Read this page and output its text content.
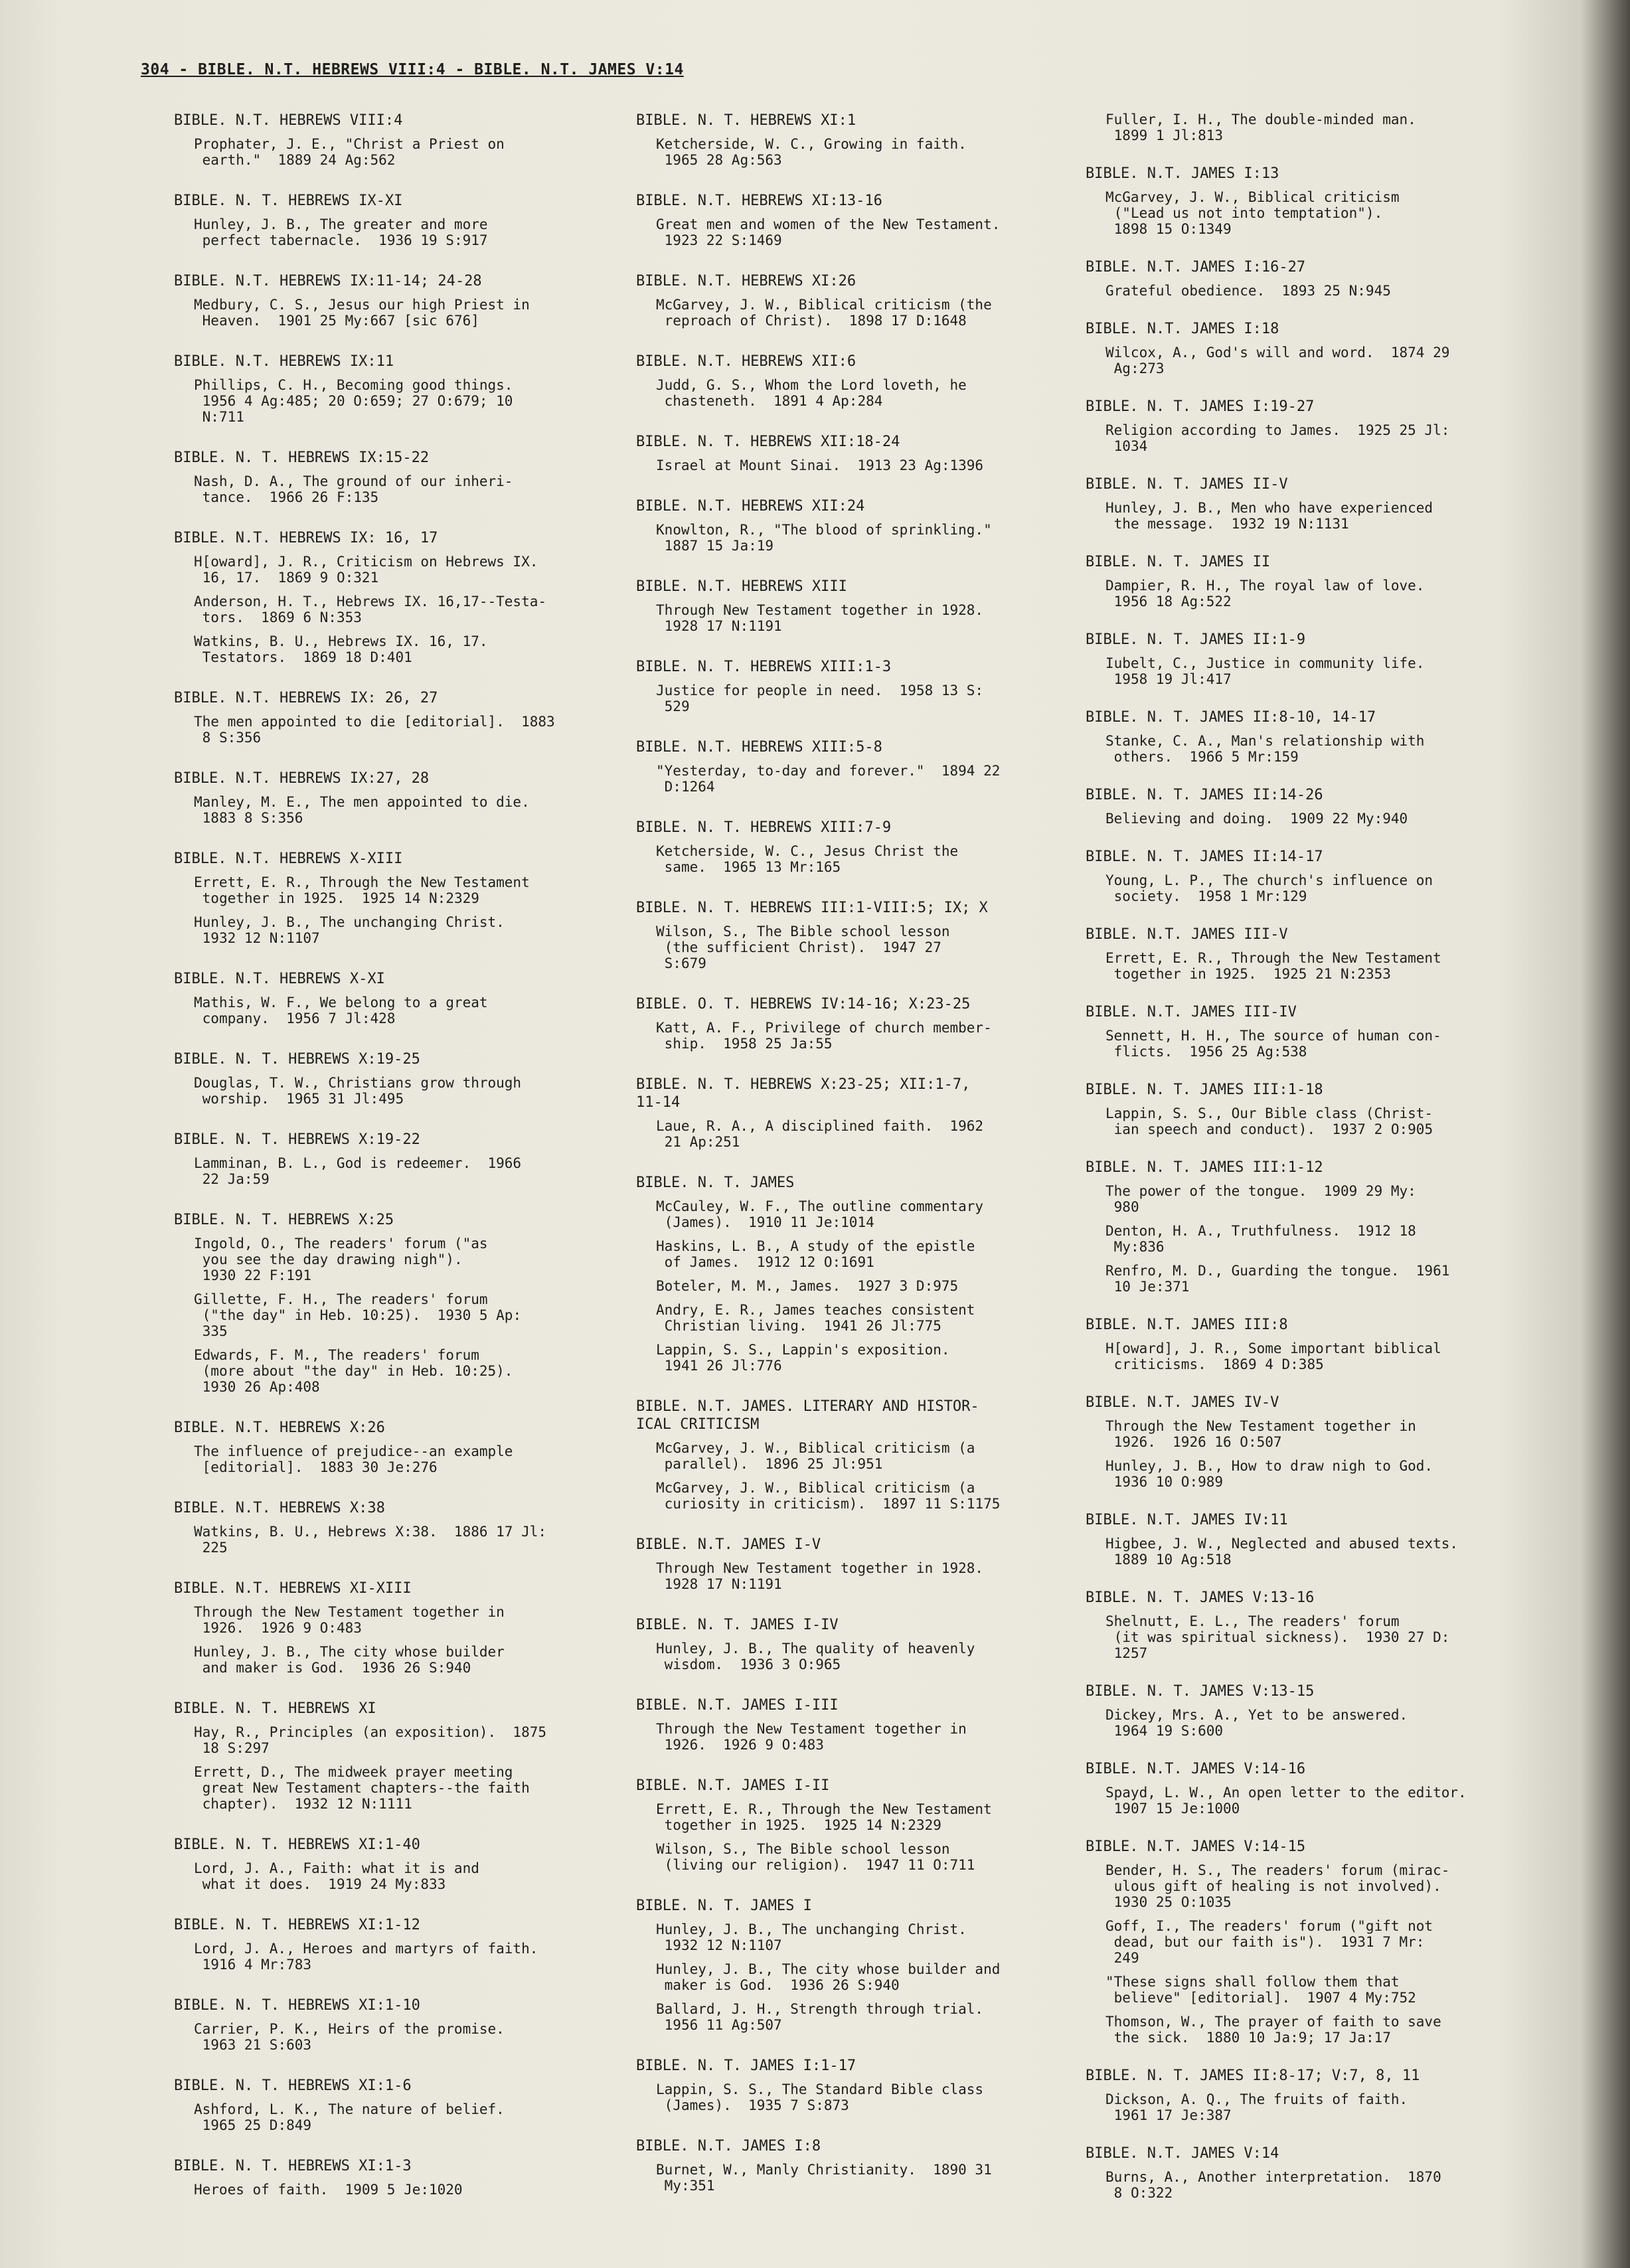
304 - BIBLE. N.T. HEBREWS VIII:4 - BIBLE. N.T. JAMES V:14
BIBLE. N.T. HEBREWS VIII:4
Prophater, J. E., "Christ a Priest on
earth."  1889 24 Ag:562
BIBLE. N. T. HEBREWS IX-XI
Hunley, J. B., The greater and more
perfect tabernacle.  1936 19 S:917
BIBLE. N.T. HEBREWS IX:11-14; 24-28
Medbury, C. S., Jesus our high Priest in
Heaven.  1901 25 My:667 [sic 676]
BIBLE. N.T. HEBREWS IX:11
Phillips, C. H., Becoming good things.
1956 4 Ag:485; 20 O:659; 27 O:679; 10
N:711
BIBLE. N. T. HEBREWS IX:15-22
Nash, D. A., The ground of our inheri-
tance.  1966 26 F:135
BIBLE. N.T. HEBREWS IX: 16, 17
H[oward], J. R., Criticism on Hebrews IX.
16, 17.  1869 9 O:321
Anderson, H. T., Hebrews IX. 16,17--Testa-
tors.  1869 6 N:353
Watkins, B. U., Hebrews IX. 16, 17.
Testators.  1869 18 D:401
BIBLE. N.T. HEBREWS IX: 26, 27
The men appointed to die [editorial].  1883
8 S:356
BIBLE. N.T. HEBREWS IX:27, 28
Manley, M. E., The men appointed to die.
1883 8 S:356
BIBLE. N.T. HEBREWS X-XIII
Errett, E. R., Through the New Testament
together in 1925.  1925 14 N:2329
Hunley, J. B., The unchanging Christ.
1932 12 N:1107
BIBLE. N.T. HEBREWS X-XI
Mathis, W. F., We belong to a great
company.  1956 7 Jl:428
BIBLE. N. T. HEBREWS X:19-25
Douglas, T. W., Christians grow through
worship.  1965 31 Jl:495
BIBLE. N. T. HEBREWS X:19-22
Lamminan, B. L., God is redeemer.  1966
22 Ja:59
BIBLE. N. T. HEBREWS X:25
Ingold, O., The readers' forum ("as
you see the day drawing nigh").
1930 22 F:191
Gillette, F. H., The readers' forum
("the day" in Heb. 10:25).  1930 5 Ap:
335
Edwards, F. M., The readers' forum
(more about "the day" in Heb. 10:25).
1930 26 Ap:408
BIBLE. N.T. HEBREWS X:26
The influence of prejudice--an example
[editorial].  1883 30 Je:276
BIBLE. N.T. HEBREWS X:38
Watkins, B. U., Hebrews X:38.  1886 17 Jl:
225
BIBLE. N.T. HEBREWS XI-XIII
Through the New Testament together in
1926.  1926 9 O:483
Hunley, J. B., The city whose builder
and maker is God.  1936 26 S:940
BIBLE. N. T. HEBREWS XI
Hay, R., Principles (an exposition).  1875
18 S:297
Errett, D., The midweek prayer meeting
great New Testament chapters--the faith
chapter).  1932 12 N:1111
BIBLE. N. T. HEBREWS XI:1-40
Lord, J. A., Faith: what it is and
what it does.  1919 24 My:833
BIBLE. N. T. HEBREWS XI:1-12
Lord, J. A., Heroes and martyrs of faith.
1916 4 Mr:783
BIBLE. N. T. HEBREWS XI:1-10
Carrier, P. K., Heirs of the promise.
1963 21 S:603
BIBLE. N. T. HEBREWS XI:1-6
Ashford, L. K., The nature of belief.
1965 25 D:849
BIBLE. N. T. HEBREWS XI:1-3
Heroes of faith.  1909 5 Je:1020
BIBLE. N. T. HEBREWS XI:1
Ketcherside, W. C., Growing in faith.
1965 28 Ag:563
BIBLE. N.T. HEBREWS XI:13-16
Great men and women of the New Testament.
1923 22 S:1469
BIBLE. N.T. HEBREWS XI:26
McGarvey, J. W., Biblical criticism (the
reproach of Christ).  1898 17 D:1648
BIBLE. N.T. HEBREWS XII:6
Judd, G. S., Whom the Lord loveth, he
chasteneth.  1891 4 Ap:284
BIBLE. N. T. HEBREWS XII:18-24
Israel at Mount Sinai.  1913 23 Ag:1396
BIBLE. N.T. HEBREWS XII:24
Knowlton, R., "The blood of sprinkling."
1887 15 Ja:19
BIBLE. N.T. HEBREWS XIII
Through New Testament together in 1928.
1928 17 N:1191
BIBLE. N. T. HEBREWS XIII:1-3
Justice for people in need.  1958 13 S:
529
BIBLE. N.T. HEBREWS XIII:5-8
"Yesterday, to-day and forever."  1894 22
D:1264
BIBLE. N. T. HEBREWS XIII:7-9
Ketcherside, W. C., Jesus Christ the
same.  1965 13 Mr:165
BIBLE. N. T. HEBREWS III:1-VIII:5; IX; X
Wilson, S., The Bible school lesson
(the sufficient Christ).  1947 27
S:679
BIBLE. O. T. HEBREWS IV:14-16; X:23-25
Katt, A. F., Privilege of church member-
ship.  1958 25 Ja:55
BIBLE. N. T. HEBREWS X:23-25; XII:1-7,
11-14
Laue, R. A., A disciplined faith.  1962
21 Ap:251
BIBLE. N. T. JAMES
McCauley, W. F., The outline commentary
(James).  1910 11 Je:1014
Haskins, L. B., A study of the epistle
of James.  1912 12 O:1691
Boteler, M. M., James.  1927 3 D:975
Andry, E. R., James teaches consistent
Christian living.  1941 26 Jl:775
Lappin, S. S., Lappin's exposition.
1941 26 Jl:776
BIBLE. N.T. JAMES. LITERARY AND HISTOR-
ICAL CRITICISM
McGarvey, J. W., Biblical criticism (a
parallel).  1896 25 Jl:951
McGarvey, J. W., Biblical criticism (a
curiosity in criticism).  1897 11 S:1175
BIBLE. N.T. JAMES I-V
Through New Testament together in 1928.
1928 17 N:1191
BIBLE. N. T. JAMES I-IV
Hunley, J. B., The quality of heavenly
wisdom.  1936 3 O:965
BIBLE. N.T. JAMES I-III
Through the New Testament together in
1926.  1926 9 O:483
BIBLE. N.T. JAMES I-II
Errett, E. R., Through the New Testament
together in 1925.  1925 14 N:2329
Wilson, S., The Bible school lesson
(living our religion).  1947 11 O:711
BIBLE. N. T. JAMES I
Hunley, J. B., The unchanging Christ.
1932 12 N:1107
Hunley, J. B., The city whose builder and
maker is God.  1936 26 S:940
Ballard, J. H., Strength through trial.
1956 11 Ag:507
BIBLE. N. T. JAMES I:1-17
Lappin, S. S., The Standard Bible class
(James).  1935 7 S:873
BIBLE. N.T. JAMES I:8
Burnet, W., Manly Christianity.  1890 31
My:351
Fuller, I. H., The double-minded man.
1899 1 Jl:813
BIBLE. N.T. JAMES I:13
McGarvey, J. W., Biblical criticism
("Lead us not into temptation").
1898 15 O:1349
BIBLE. N.T. JAMES I:16-27
Grateful obedience.  1893 25 N:945
BIBLE. N.T. JAMES I:18
Wilcox, A., God's will and word.  1874 29
Ag:273
BIBLE. N. T. JAMES I:19-27
Religion according to James.  1925 25 Jl:
1034
BIBLE. N. T. JAMES II-V
Hunley, J. B., Men who have experienced
the message.  1932 19 N:1131
BIBLE. N. T. JAMES II
Dampier, R. H., The royal law of love.
1956 18 Ag:522
BIBLE. N. T. JAMES II:1-9
Iubelt, C., Justice in community life.
1958 19 Jl:417
BIBLE. N. T. JAMES II:8-10, 14-17
Stanke, C. A., Man's relationship with
others.  1966 5 Mr:159
BIBLE. N. T. JAMES II:14-26
Believing and doing.  1909 22 My:940
BIBLE. N. T. JAMES II:14-17
Young, L. P., The church's influence on
society.  1958 1 Mr:129
BIBLE. N.T. JAMES III-V
Errett, E. R., Through the New Testament
together in 1925.  1925 21 N:2353
BIBLE. N.T. JAMES III-IV
Sennett, H. H., The source of human con-
flicts.  1956 25 Ag:538
BIBLE. N. T. JAMES III:1-18
Lappin, S. S., Our Bible class (Christ-
ian speech and conduct).  1937 2 O:905
BIBLE. N. T. JAMES III:1-12
The power of the tongue.  1909 29 My:
980
Denton, H. A., Truthfulness.  1912 18
My:836
Renfro, M. D., Guarding the tongue.  1961
10 Je:371
BIBLE. N.T. JAMES III:8
H[oward], J. R., Some important biblical
criticisms.  1869 4 D:385
BIBLE. N.T. JAMES IV-V
Through the New Testament together in
1926.  1926 16 O:507
Hunley, J. B., How to draw nigh to God.
1936 10 O:989
BIBLE. N.T. JAMES IV:11
Higbee, J. W., Neglected and abused texts.
1889 10 Ag:518
BIBLE. N. T. JAMES V:13-16
Shelnutt, E. L., The readers' forum
(it was spiritual sickness).  1930 27 D:
1257
BIBLE. N. T. JAMES V:13-15
Dickey, Mrs. A., Yet to be answered.
1964 19 S:600
BIBLE. N.T. JAMES V:14-16
Spayd, L. W., An open letter to the editor.
1907 15 Je:1000
BIBLE. N.T. JAMES V:14-15
Bender, H. S., The readers' forum (mirac-
ulous gift of healing is not involved).
1930 25 O:1035
Goff, I., The readers' forum ("gift not
dead, but our faith is").  1931 7 Mr:
249
"These signs shall follow them that
believe" [editorial].  1907 4 My:752
Thomson, W., The prayer of faith to save
the sick.  1880 10 Ja:9; 17 Ja:17
BIBLE. N. T. JAMES II:8-17; V:7, 8, 11
Dickson, A. Q., The fruits of faith.
1961 17 Je:387
BIBLE. N.T. JAMES V:14
Burns, A., Another interpretation.  1870
8 O:322
